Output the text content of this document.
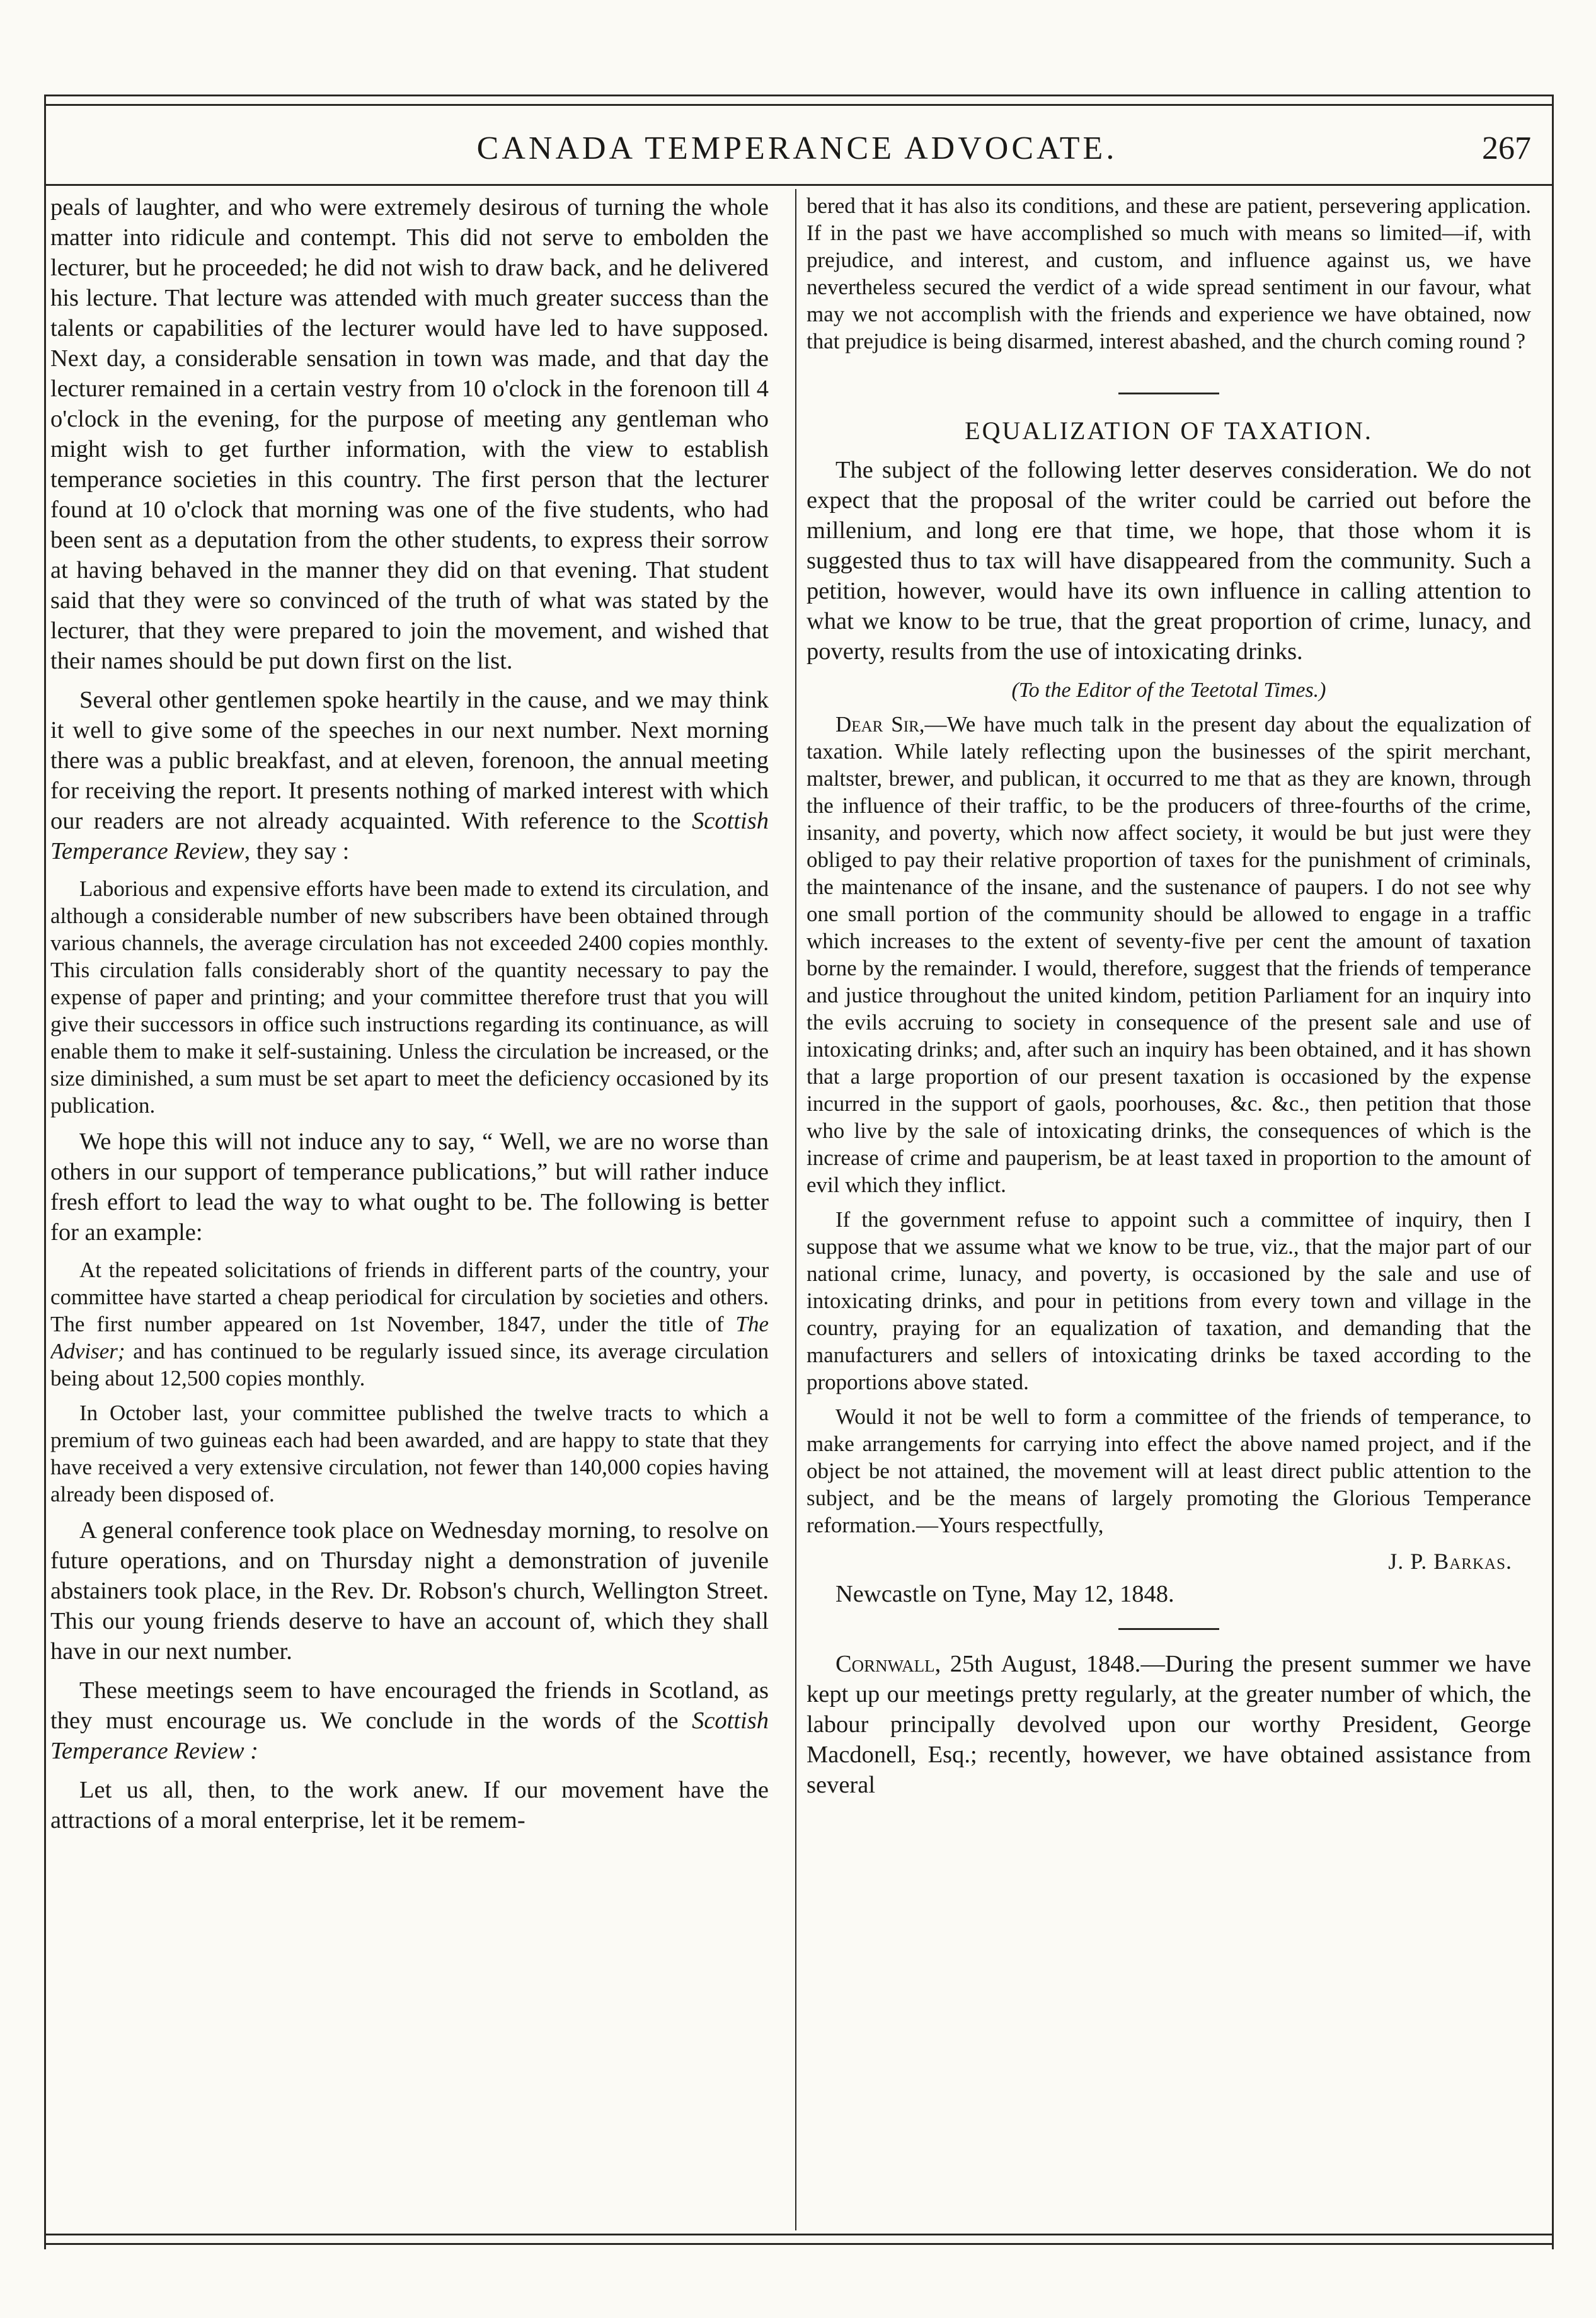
CANADA TEMPERANCE ADVOCATE.	267

peals of laughter, and who were extremely desirous of turning the whole matter into ridicule and contempt. This did not serve to embolden the lecturer, but he proceeded; he did not wish to draw back, and he delivered his lecture. That lecture was attended with much greater success than the talents or capabilities of the lecturer would have led to have supposed. Next day, a considerable sensation in town was made, and that day the lecturer remained in a certain vestry from 10 o'clock in the forenoon till 4 o'clock in the evening, for the purpose of meeting any gentleman who might wish to get further information, with the view to establish temperance societies in this country. The first person that the lecturer found at 10 o'clock that morning was one of the five students, who had been sent as a deputation from the other students, to express their sorrow at having behaved in the manner they did on that evening. That student said that they were so convinced of the truth of what was stated by the lecturer, that they were prepared to join the movement, and wished that their names should be put down first on the list.

Several other gentlemen spoke heartily in the cause, and we may think it well to give some of the speeches in our next number. Next morning there was a public breakfast, and at eleven, forenoon, the annual meeting for receiving the report. It presents nothing of marked interest with which our readers are not already acquainted. With reference to the Scottish Temperance Review, they say :

Laborious and expensive efforts have been made to extend its circulation, and although a considerable number of new subscribers have been obtained through various channels, the average circulation has not exceeded 2400 copies monthly. This circulation falls considerably short of the quantity necessary to pay the expense of paper and printing; and your committee therefore trust that you will give their successors in office such instructions regarding its continuance, as will enable them to make it self-sustaining. Unless the circulation be increased, or the size diminished, a sum must be set apart to meet the deficiency occasioned by its publication.

We hope this will not induce any to say, “ Well, we are no worse than others in our support of temperance publications,” but will rather induce fresh effort to lead the way to what ought to be. The following is better for an example:

At the repeated solicitations of friends in different parts of the country, your committee have started a cheap periodical for circulation by societies and others. The first number appeared on 1st November, 1847, under the title of The Adviser; and has continued to be regularly issued since, its average circulation being about 12,500 copies monthly.

In October last, your committee published the twelve tracts to which a premium of two guineas each had been awarded, and are happy to state that they have received a very extensive circulation, not fewer than 140,000 copies having already been disposed of.

A general conference took place on Wednesday morning, to resolve on future operations, and on Thursday night a demonstration of juvenile abstainers took place, in the Rev. Dr. Robson's church, Wellington Street. This our young friends deserve to have an account of, which they shall have in our next number.

These meetings seem to have encouraged the friends in Scotland, as they must encourage us. We conclude in the words of the Scottish Temperance Review :

Let us all, then, to the work anew. If our movement have the attractions of a moral enterprise, let it be remem-

bered that it has also its conditions, and these are patient, persevering application. If in the past we have accomplished so much with means so limited—if, with prejudice, and interest, and custom, and influence against us, we have nevertheless secured the verdict of a wide spread sentiment in our favour, what may we not accomplish with the friends and experience we have obtained, now that prejudice is being disarmed, interest abashed, and the church coming round ?

EQUALIZATION OF TAXATION.

The subject of the following letter deserves consideration. We do not expect that the proposal of the writer could be carried out before the millenium, and long ere that time, we hope, that those whom it is suggested thus to tax will have disappeared from the community. Such a petition, however, would have its own influence in calling attention to what we know to be true, that the great proportion of crime, lunacy, and poverty, results from the use of intoxicating drinks.

(To the Editor of the Teetotal Times.)

Dear Sir,—We have much talk in the present day about the equalization of taxation. While lately reflecting upon the businesses of the spirit merchant, maltster, brewer, and publican, it occurred to me that as they are known, through the influence of their traffic, to be the producers of three-fourths of the crime, insanity, and poverty, which now affect society, it would be but just were they obliged to pay their relative proportion of taxes for the punishment of criminals, the maintenance of the insane, and the sustenance of paupers. I do not see why one small portion of the community should be allowed to engage in a traffic which increases to the extent of seventy-five per cent the amount of taxation borne by the remainder. I would, therefore, suggest that the friends of temperance and justice throughout the united kindom, petition Parliament for an inquiry into the evils accruing to society in consequence of the present sale and use of intoxicating drinks; and, after such an inquiry has been obtained, and it has shown that a large proportion of our present taxation is occasioned by the expense incurred in the support of gaols, poorhouses, &c. &c., then petition that those who live by the sale of intoxicating drinks, the consequences of which is the increase of crime and pauperism, be at least taxed in proportion to the amount of evil which they inflict.

If the government refuse to appoint such a committee of inquiry, then I suppose that we assume what we know to be true, viz., that the major part of our national crime, lunacy, and poverty, is occasioned by the sale and use of intoxicating drinks, and pour in petitions from every town and village in the country, praying for an equalization of taxation, and demanding that the manufacturers and sellers of intoxicating drinks be taxed according to the proportions above stated.

Would it not be well to form a committee of the friends of temperance, to make arrangements for carrying into effect the above named project, and if the object be not attained, the movement will at least direct public attention to the subject, and be the means of largely promoting the Glorious Temperance reformation.—Yours respectfully,

J. P. Barkas.

Newcastle on Tyne, May 12, 1848.

Cornwall, 25th August, 1848.—During the present summer we have kept up our meetings pretty regularly, at the greater number of which, the labour principally devolved upon our worthy President, George Macdonell, Esq.; recently, however, we have obtained assistance from several
